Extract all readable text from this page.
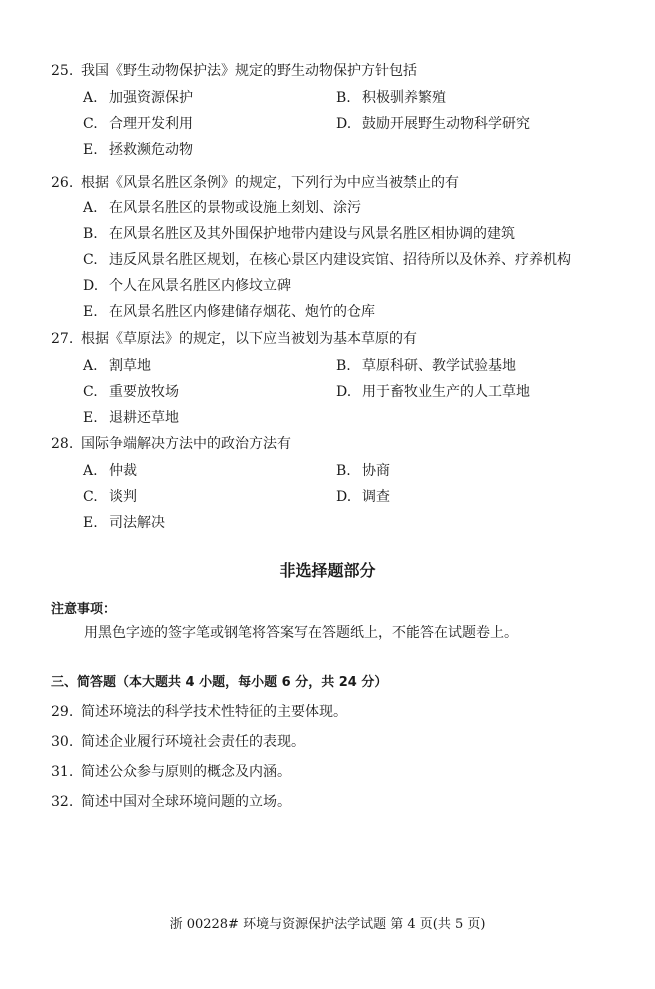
25. 我国《野生动物保护法》规定的野生动物保护方针包括
A. 加强资源保护	B. 积极驯养繁殖
C. 合理开发利用	D. 鼓励开展野生动物科学研究
E. 拯救濒危动物
26. 根据《风景名胜区条例》的规定，下列行为中应当被禁止的有
A. 在风景名胜区的景物或设施上刻划、涂污
B. 在风景名胜区及其外围保护地带内建设与风景名胜区相协调的建筑
C. 违反风景名胜区规划，在核心景区内建设宾馆、招待所以及休养、疗养机构
D. 个人在风景名胜区内修坟立碑
E. 在风景名胜区内修建储存烟花、炮竹的仓库
27. 根据《草原法》的规定，以下应当被划为基本草原的有
A. 割草地	B. 草原科研、教学试验基地
C. 重要放牧场	D. 用于畜牧业生产的人工草地
E. 退耕还草地
28. 国际争端解决方法中的政治方法有
A. 仲裁	B. 协商
C. 谈判	D. 调查
E. 司法解决
非选择题部分
注意事项：
用黑色字迹的签字笔或钢笔将答案写在答题纸上，不能答在试题卷上。
三、简答题（本大题共 4 小题，每小题 6 分，共 24 分）
29. 简述环境法的科学技术性特征的主要体现。
30. 简述企业履行环境社会责任的表现。
31. 简述公众参与原则的概念及内涵。
32. 简述中国对全球环境问题的立场。
浙 00228# 环境与资源保护法学试题 第 4 页(共 5 页)
